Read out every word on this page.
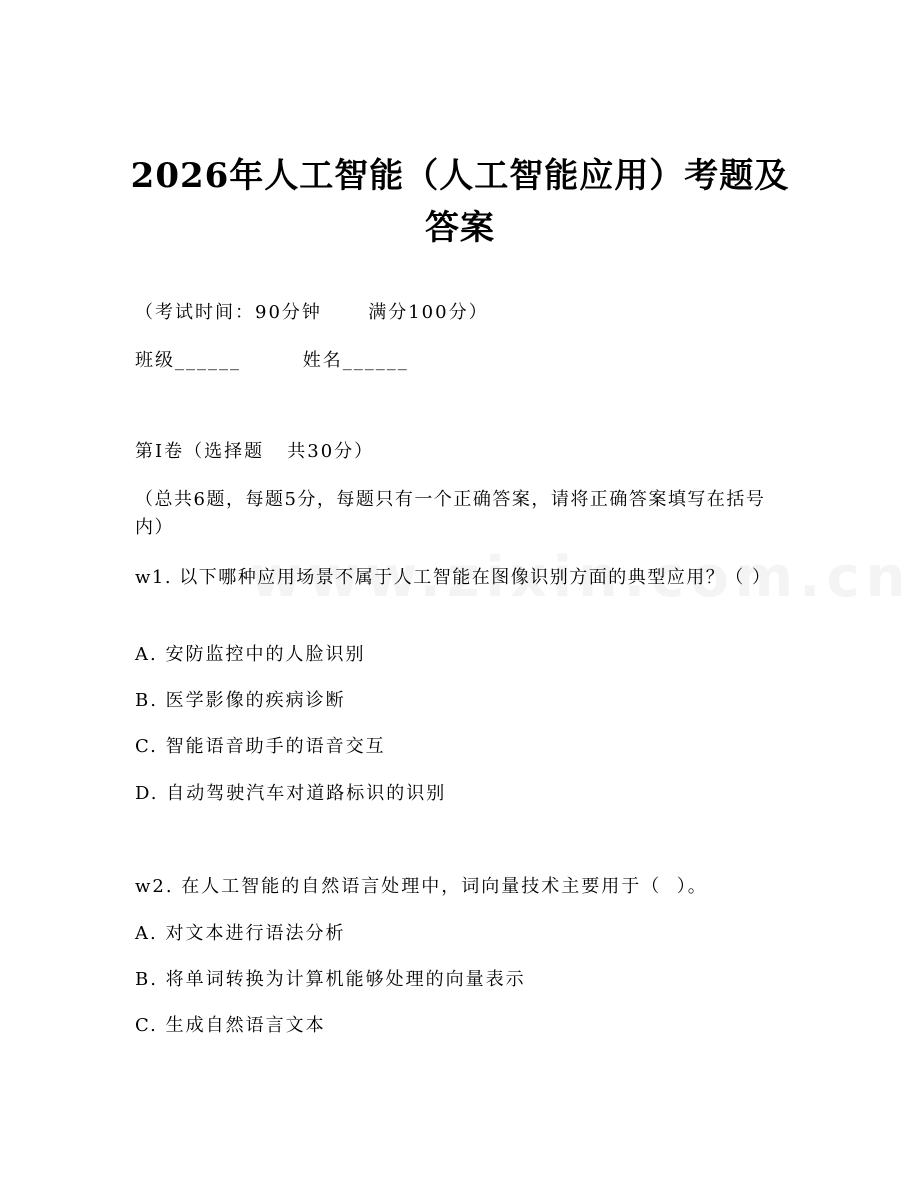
2026年人工智能（人工智能应用）考题及答案
（考试时间：90分钟      满分100分）
班级______        姓名______
第Ⅰ卷（选择题   共30分）
（总共6题，每题5分，每题只有一个正确答案，请将正确答案填写在括号内）
w1. 以下哪种应用场景不属于人工智能在图像识别方面的典型应用？（ ）
A. 安防监控中的人脸识别
B. 医学影像的疾病诊断
C. 智能语音助手的语音交互
D. 自动驾驶汽车对道路标识的识别
w2. 在人工智能的自然语言处理中，词向量技术主要用于（  ）。
A. 对文本进行语法分析
B. 将单词转换为计算机能够处理的向量表示
C. 生成自然语言文本
